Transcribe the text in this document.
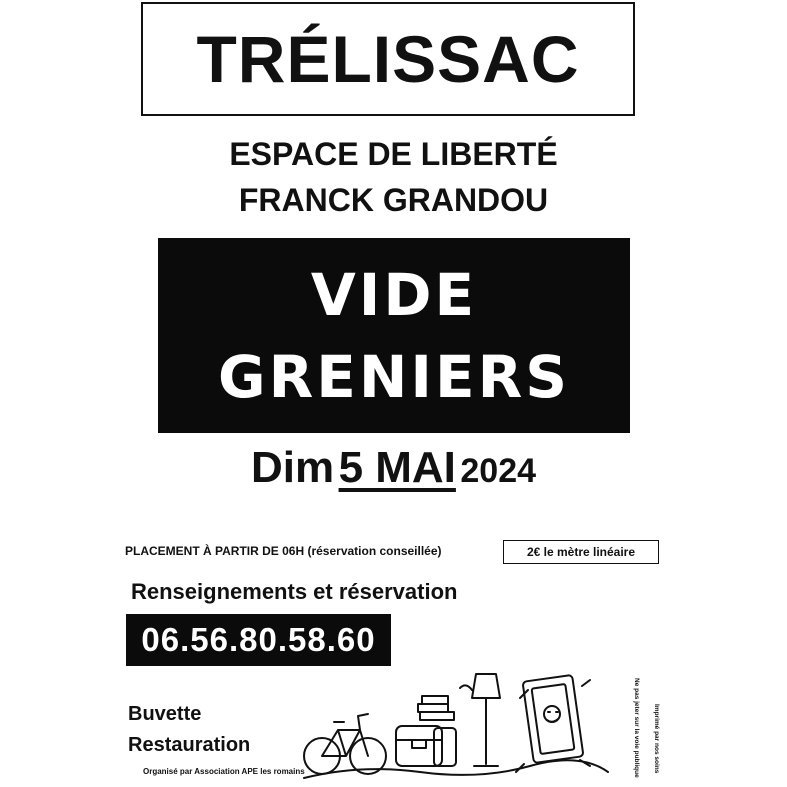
TRÉLISSAC
ESPACE DE LIBERTÉ
FRANCK GRANDOU
VIDE
GRENIERS
Dim 5 MAI 2024
PLACEMENT À PARTIR DE 06H (réservation conseillée)	2€ le mètre linéaire
Renseignements et réservation
06.56.80.58.60
Buvette
Restauration
Organisé par Association APE les romains	Ne pas jeter sur la voie publique Imprimé par nos soins
